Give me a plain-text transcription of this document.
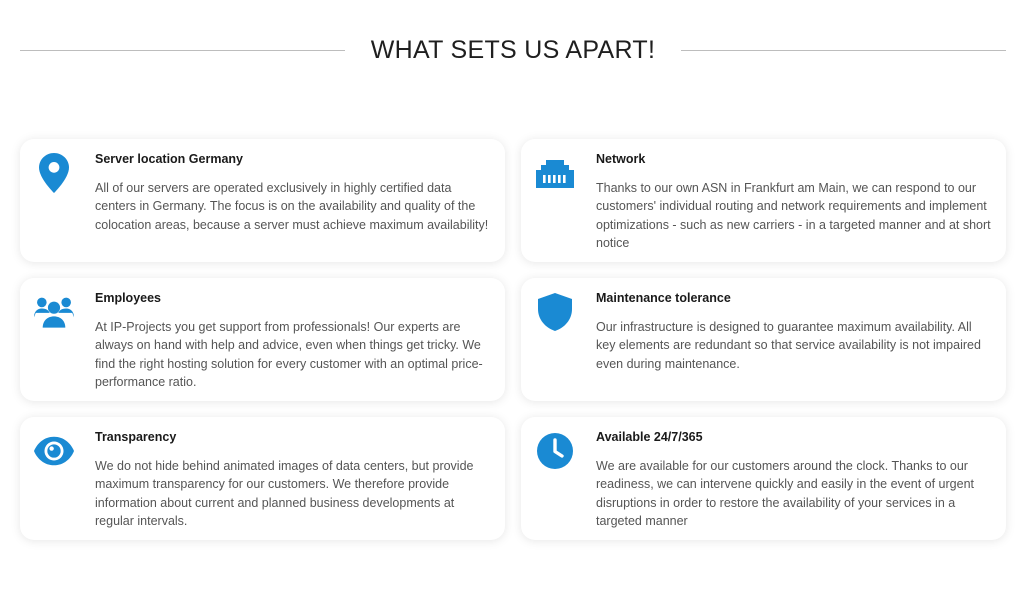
WHAT SETS US APART!
Server location Germany

All of our servers are operated exclusively in highly certified data centers in Germany. The focus is on the availability and quality of the colocation areas, because a server must achieve maximum availability!

Network

Thanks to our own ASN in Frankfurt am Main, we can respond to our customers' individual routing and network requirements and implement optimizations - such as new carriers - in a targeted manner and at short notice

Employees

At IP-Projects you get support from professionals! Our experts are always on hand with help and advice, even when things get tricky. We find the right hosting solution for every customer with an optimal price-performance ratio.

Maintenance tolerance

Our infrastructure is designed to guarantee maximum availability. All key elements are redundant so that service availability is not impaired even during maintenance.

Transparency

We do not hide behind animated images of data centers, but provide maximum transparency for our customers. We therefore provide information about current and planned business developments at regular intervals.

Available 24/7/365

We are available for our customers around the clock. Thanks to our readiness, we can intervene quickly and easily in the event of urgent disruptions in order to restore the availability of your services in a targeted manner
